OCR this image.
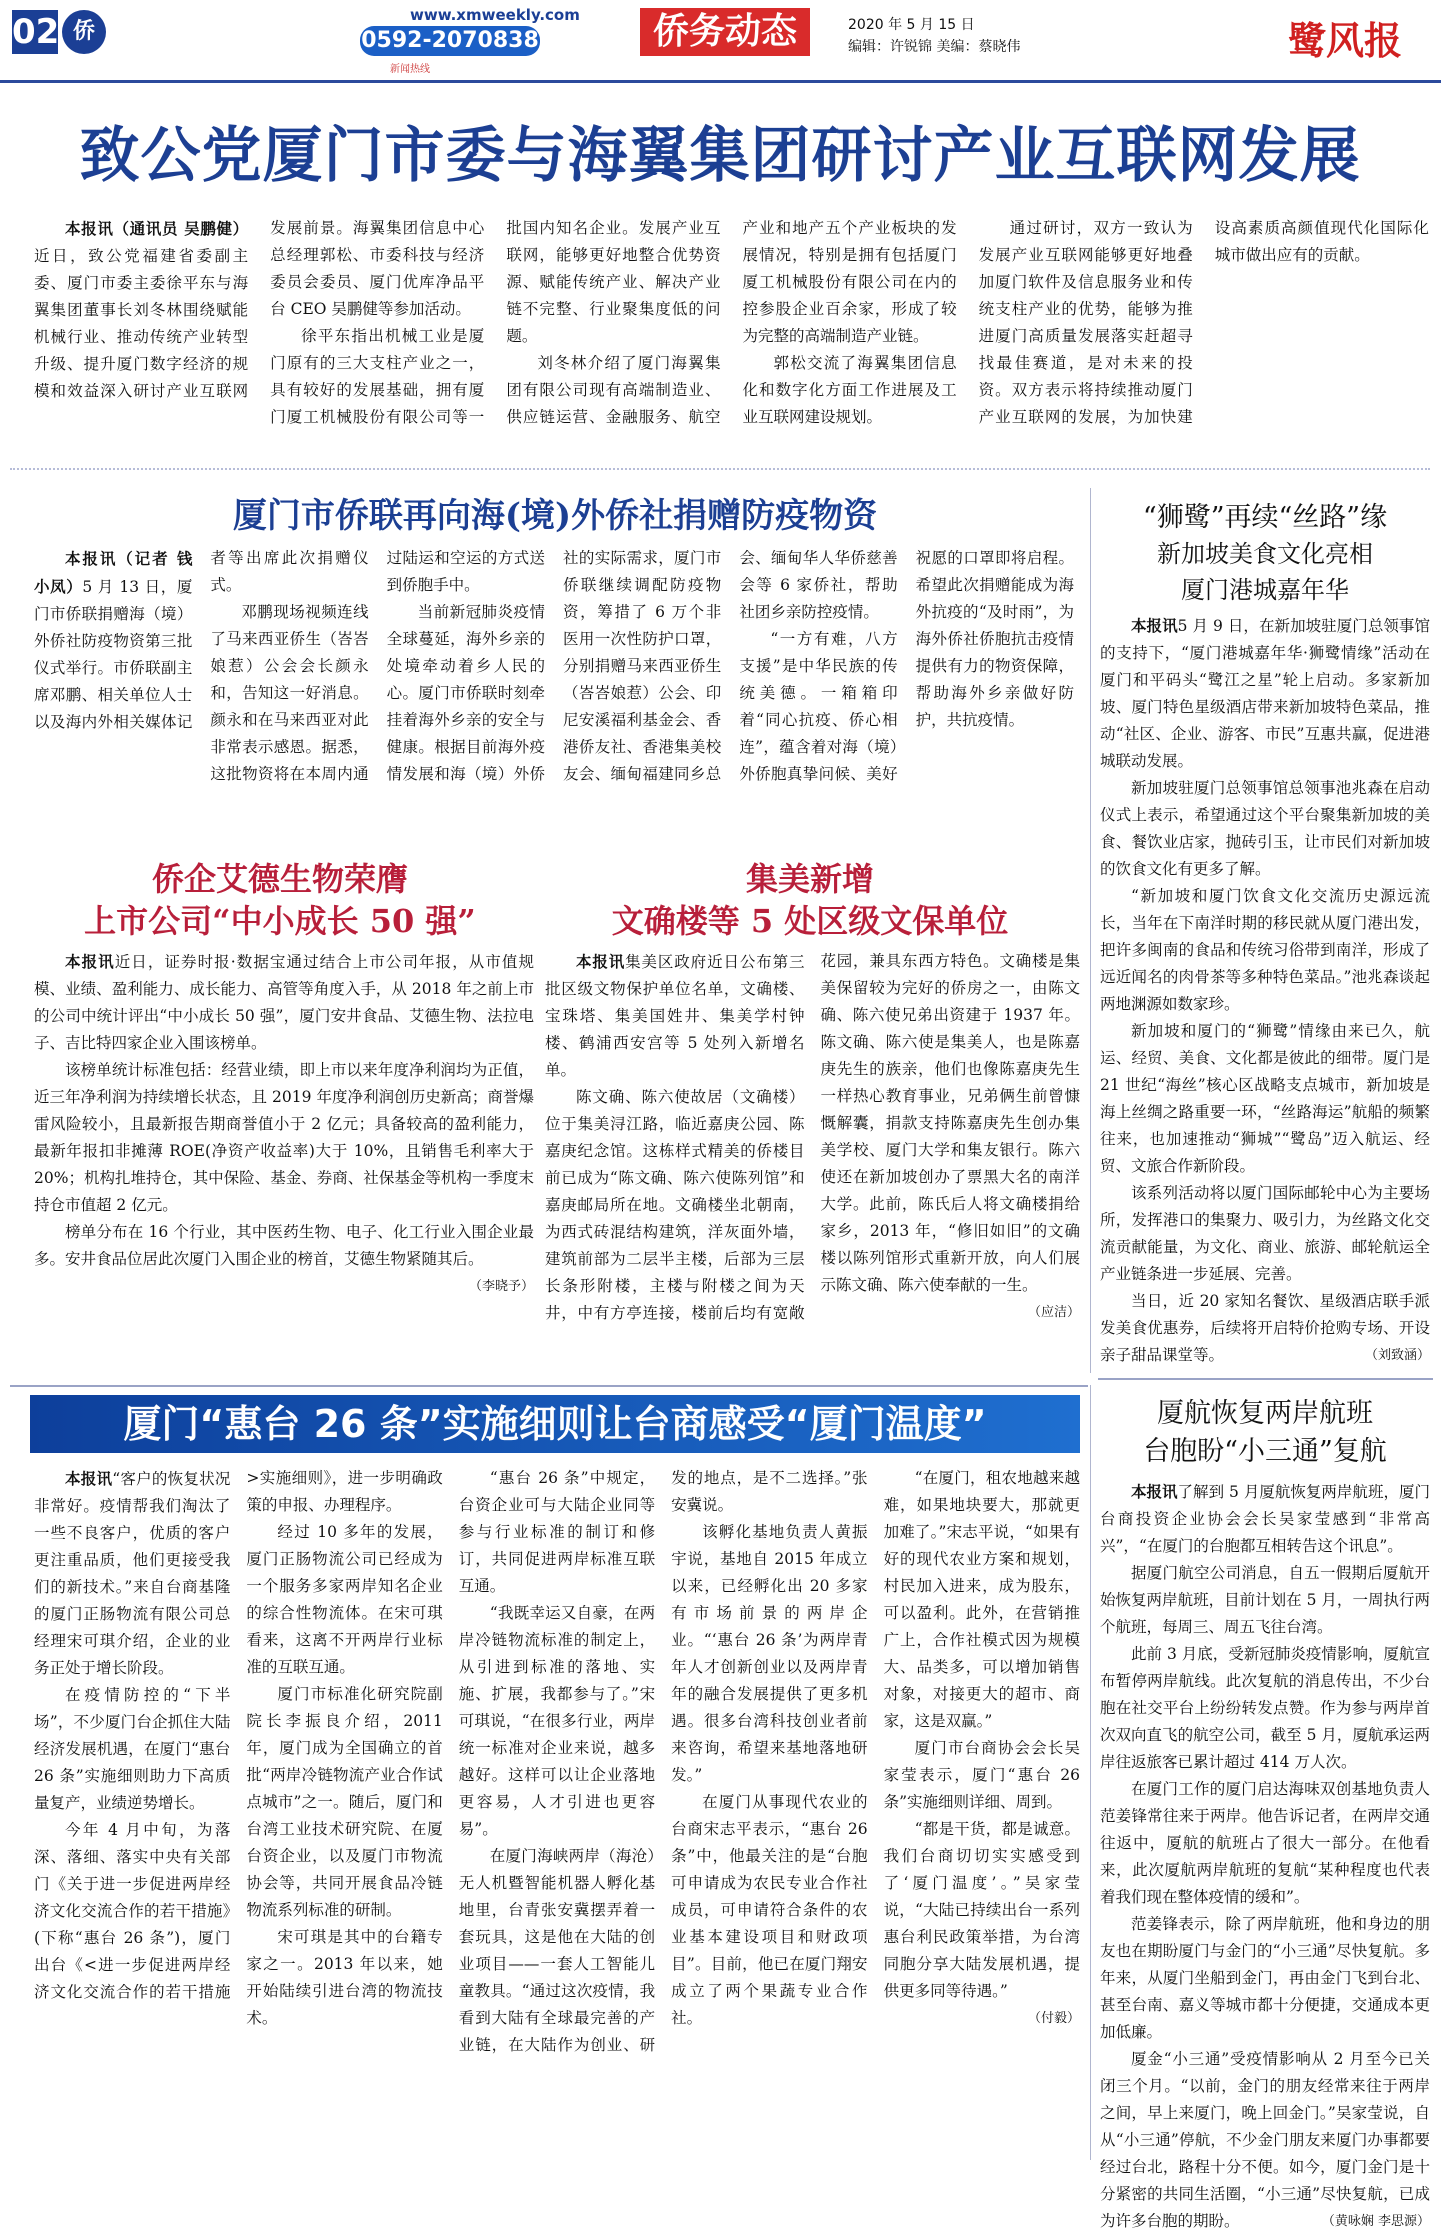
02 侨
www.xmweekly.com
0592-2070838
新闻热线
侨务动态	2020 年 5 月 15 日
编辑：许锐锦 美编：蔡晓伟	鹭风报
致公党厦门市委与海翼集团研讨产业互联网发展

本报讯（通讯员 吴鹏健）近日，致公党福建省委副主委、厦门市委主委徐平东与海翼集团董事长刘冬林围绕赋能机械行业、推动传统产业转型升级、提升厦门数字经济的规模和效益深入研讨产业互联网发展前景。海翼集团信息中心总经理郭松、市委科技与经济委员会委员、厦门优库净品平台 CEO 吴鹏健等参加活动。

徐平东指出机械工业是厦门原有的三大支柱产业之一，具有较好的发展基础，拥有厦门厦工机械股份有限公司等一批国内知名企业。发展产业互联网，能够更好地整合优势资源、赋能传统产业、解决产业链不完整、行业聚集度低的问题。

刘冬林介绍了厦门海翼集团有限公司现有高端制造业、供应链运营、金融服务、航空产业和地产五个产业板块的发展情况，特别是拥有包括厦门厦工机械股份有限公司在内的控参股企业百余家，形成了较为完整的高端制造产业链。

郭松交流了海翼集团信息化和数字化方面工作进展及工业互联网建设规划。

通过研讨，双方一致认为发展产业互联网能够更好地叠加厦门软件及信息服务业和传统支柱产业的优势，能够为推进厦门高质量发展落实赶超寻找最佳赛道，是对未来的投资。双方表示将持续推动厦门产业互联网的发展，为加快建设高素质高颜值现代化国际化城市做出应有的贡献。

厦门市侨联再向海(境)外侨社捐赠防疫物资

本报讯（记者 钱小凤）5 月 13 日，厦门市侨联捐赠海（境）外侨社防疫物资第三批仪式举行。市侨联副主席邓鹏、相关单位人士以及海内外相关媒体记者等出席此次捐赠仪式。

邓鹏现场视频连线了马来西亚侨生（峇峇娘惹）公会会长颜永和，告知这一好消息。颜永和在马来西亚对此非常表示感恩。据悉，这批物资将在本周内通过陆运和空运的方式送到侨胞手中。

当前新冠肺炎疫情全球蔓延，海外乡亲的处境牵动着乡人民的心。厦门市侨联时刻牵挂着海外乡亲的安全与健康。根据目前海外疫情发展和海（境）外侨社的实际需求，厦门市侨联继续调配防疫物资，筹措了 6 万个非医用一次性防护口罩，分别捐赠马来西亚侨生（峇峇娘惹）公会、印尼安溪福利基金会、香港侨友社、香港集美校友会、缅甸福建同乡总会、缅甸华人华侨慈善会等 6 家侨社，帮助社团乡亲防控疫情。

“一方有难，八方支援”是中华民族的传统美德。一箱箱印着“同心抗疫、侨心相连”，蕴含着对海（境）外侨胞真挚问候、美好祝愿的口罩即将启程。希望此次捐赠能成为海外抗疫的“及时雨”，为海外侨社侨胞抗击疫情提供有力的物资保障，帮助海外乡亲做好防护，共抗疫情。

“狮鹭”再续“丝路”缘
新加坡美食文化亮相
厦门港城嘉年华

本报讯5 月 9 日，在新加坡驻厦门总领事馆的支持下，“厦门港城嘉年华·狮鹭情缘”活动在厦门和平码头“鹭江之星”轮上启动。多家新加坡、厦门特色星级酒店带来新加坡特色菜品，推动“社区、企业、游客、市民”互惠共赢，促进港城联动发展。

新加坡驻厦门总领事馆总领事池兆森在启动仪式上表示，希望通过这个平台聚集新加坡的美食、餐饮业店家，抛砖引玉，让市民们对新加坡的饮食文化有更多了解。

“新加坡和厦门饮食文化交流历史源远流长，当年在下南洋时期的移民就从厦门港出发，把许多闽南的食品和传统习俗带到南洋，形成了远近闻名的肉骨茶等多种特色菜品。”池兆森谈起两地渊源如数家珍。

新加坡和厦门的“狮鹭”情缘由来已久，航运、经贸、美食、文化都是彼此的细带。厦门是 21 世纪“海丝”核心区战略支点城市，新加坡是海上丝绸之路重要一环，“丝路海运”航船的频繁往来，也加速推动“狮城”“鹭岛”迈入航运、经贸、文旅合作新阶段。

该系列活动将以厦门国际邮轮中心为主要场所，发挥港口的集聚力、吸引力，为丝路文化交流贡献能量，为文化、商业、旅游、邮轮航运全产业链条进一步延展、完善。

当日，近 20 家知名餐饮、星级酒店联手派发美食优惠券，后续将开启特价抢购专场、开设亲子甜品课堂等。	（刘致涵）

侨企艾德生物荣膺
上市公司“中小成长 50 强”

本报讯近日，证券时报·数据宝通过结合上市公司年报，从市值规模、业绩、盈利能力、成长能力、高管等角度入手，从 2018 年之前上市的公司中统计评出“中小成长 50 强”，厦门安井食品、艾德生物、法拉电子、吉比特四家企业入围该榜单。

该榜单统计标准包括：经营业绩，即上市以来年度净利润均为正值，近三年净利润为持续增长状态，且 2019 年度净利润创历史新高；商誉爆雷风险较小，且最新报告期商誉值小于 2 亿元；具备较高的盈利能力，最新年报扣非摊薄 ROE(净资产收益率)大于 10%，且销售毛利率大于 20%；机构扎堆持仓，其中保险、基金、券商、社保基金等机构一季度末持仓市值超 2 亿元。

榜单分布在 16 个行业，其中医药生物、电子、化工行业入围企业最多。安井食品位居此次厦门入围企业的榜首，艾德生物紧随其后。
（李晓予）

集美新增
文确楼等 5 处区级文保单位

本报讯集美区政府近日公布第三批区级文物保护单位名单，文确楼、宝珠塔、集美国姓井、集美学村钟楼、鹤浦西安宫等 5 处列入新增名单。

陈文确、陈六使故居（文确楼）位于集美浔江路，临近嘉庚公园、陈嘉庚纪念馆。这栋样式精美的侨楼目前已成为“陈文确、陈六使陈列馆”和嘉庚邮局所在地。文确楼坐北朝南，为西式砖混结构建筑，洋灰面外墙，建筑前部为二层半主楼，后部为三层长条形附楼，主楼与附楼之间为天井，中有方亭连接，楼前后均有宽敞花园，兼具东西方特色。文确楼是集美保留较为完好的侨房之一，由陈文确、陈六使兄弟出资建于 1937 年。陈文确、陈六使是集美人，也是陈嘉庚先生的族亲，他们也像陈嘉庚先生一样热心教育事业，兄弟俩生前曾慷慨解囊，捐款支持陈嘉庚先生创办集美学校、厦门大学和集友银行。陈六使还在新加坡创办了票黑大名的南洋大学。此前，陈氏后人将文确楼捐给家乡，2013 年，“修旧如旧”的文确楼以陈列馆形式重新开放，向人们展示陈文确、陈六使奉献的一生。
（应洁）

厦门“惠台 26 条”实施细则让台商感受“厦门温度”

本报讯“客户的恢复状况非常好。疫情帮我们淘汰了一些不良客户，优质的客户更注重品质，他们更接受我们的新技术。”来自台商基隆的厦门正肠物流有限公司总经理宋可琪介绍，企业的业务正处于增长阶段。

在疫情防控的“下半场”，不少厦门台企抓住大陆经济发展机遇，在厦门“惠台 26 条”实施细则助力下高质量复产，业绩逆势增长。

今年 4 月中旬，为落深、落细、落实中央有关部门《关于进一步促进两岸经济文化交流合作的若干措施》(下称“惠台 26 条”)，厦门出台《<进一步促进两岸经济文化交流合作的若干措施>实施细则》，进一步明确政策的申报、办理程序。

经过 10 多年的发展，厦门正肠物流公司已经成为一个服务多家两岸知名企业的综合性物流体。在宋可琪看来，这离不开两岸行业标准的互联互通。

厦门市标准化研究院副院长李振良介绍，2011 年，厦门成为全国确立的首批“两岸冷链物流产业合作试点城市”之一。随后，厦门和台湾工业技术研究院、在厦台资企业，以及厦门市物流协会等，共同开展食品冷链物流系列标准的研制。

宋可琪是其中的台籍专家之一。2013 年以来，她开始陆续引进台湾的物流技术。

“惠台 26 条”中规定，台资企业可与大陆企业同等参与行业标准的制订和修订，共同促进两岸标准互联互通。

“我既幸运又自豪，在两岸冷链物流标准的制定上，从引进到标准的落地、实施、扩展，我都参与了。”宋可琪说，“在很多行业，两岸统一标准对企业来说，越多越好。这样可以让企业落地更容易，人才引进也更容易”。

在厦门海峡两岸（海沧）无人机暨智能机器人孵化基地里，台青张安冀摆弄着一套玩具，这是他在大陆的创业项目——一套人工智能儿童教具。“通过这次疫情，我看到大陆有全球最完善的产业链，在大陆作为创业、研发的地点，是不二选择。”张安冀说。

该孵化基地负责人黄振宇说，基地自 2015 年成立以来，已经孵化出 20 多家有市场前景的两岸企业。“‘惠台 26 条’为两岸青年人才创新创业以及两岸青年的融合发展提供了更多机遇。很多台湾科技创业者前来咨询，希望来基地落地研发。”

在厦门从事现代农业的台商宋志平表示，“惠台 26 条”中，他最关注的是“台胞可申请成为农民专业合作社成员，可申请符合条件的农业基本建设项目和财政项目”。目前，他已在厦门翔安成立了两个果蔬专业合作社。

“在厦门，租农地越来越难，如果地块要大，那就更加难了。”宋志平说，“如果有好的现代农业方案和规划，村民加入进来，成为股东，可以盈利。此外，在营销推广上，合作社模式因为规模大、品类多，可以增加销售对象，对接更大的超市、商家，这是双赢。”

厦门市台商协会会长吴家莹表示，厦门“惠台 26 条”实施细则详细、周到。

“都是干货，都是诚意。我们台商切切实实感受到了‘厦门温度’。”吴家莹说，“大陆已持续出台一系列惠台利民政策举措，为台湾同胞分享大陆发展机遇，提供更多同等待遇。”
（付毅）

厦航恢复两岸航班
台胞盼“小三通”复航

本报讯了解到 5 月厦航恢复两岸航班，厦门台商投资企业协会会长吴家莹感到“非常高兴”，“在厦门的台胞都互相转告这个讯息”。

据厦门航空公司消息，自五一假期后厦航开始恢复两岸航班，目前计划在 5 月，一周执行两个航班，每周三、周五飞往台湾。

此前 3 月底，受新冠肺炎疫情影响，厦航宣布暂停两岸航线。此次复航的消息传出，不少台胞在社交平台上纷纷转发点赞。作为参与两岸首次双向直飞的航空公司，截至 5 月，厦航承运两岸往返旅客已累计超过 414 万人次。

在厦门工作的厦门启达海味双创基地负责人范姜锋常往来于两岸。他告诉记者，在两岸交通往返中，厦航的航班占了很大一部分。在他看来，此次厦航两岸航班的复航“某种程度也代表着我们现在整体疫情的缓和”。

范姜锋表示，除了两岸航班，他和身边的朋友也在期盼厦门与金门的“小三通”尽快复航。多年来，从厦门坐船到金门，再由金门飞到台北、甚至台南、嘉义等城市都十分便捷，交通成本更加低廉。

厦金“小三通”受疫情影响从 2 月至今已关闭三个月。“以前，金门的朋友经常来往于两岸之间，早上来厦门，晚上回金门。”吴家莹说，自从“小三通”停航，不少金门朋友来厦门办事都要经过台北，路程十分不便。如今，厦门金门是十分紧密的共同生活圈，“小三通”尽快复航，已成为许多台胞的期盼。	（黄咏娴 李思源）
